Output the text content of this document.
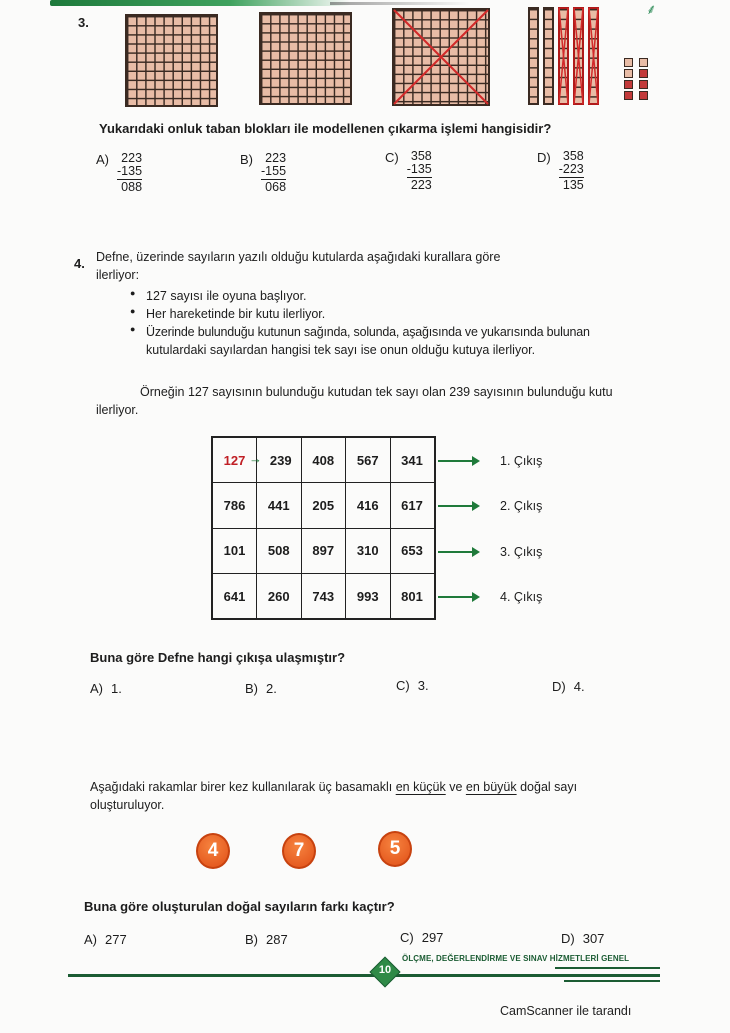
⸙
3.
Yukarıdaki onluk taban blokları ile modellenen çıkarma işlemi hangisidir?
A) 223
-135
088
B) 223
-155
068
C) 358
-135
223
D) 358
-223
135
4. Defne, üzerinde sayıların yazılı olduğu kutularda aşağıdaki kurallara göre
ilerliyor:
● 127 sayısı ile oyuna başlıyor.
● Her hareketinde bir kutu ilerliyor.
● Üzerinde bulunduğu kutunun sağında, solunda, aşağısında ve yukarısında bulunan
kutulardaki sayılardan hangisi tek sayı ise onun olduğu kutuya ilerliyor.
Örneğin 127 sayısının bulunduğu kutudan tek sayı olan 239 sayısının bulunduğu kutu
ilerliyor.
127	→ 239	408	567	341
786	441	205	416	617
101	508	897	310	653
641	260	743	993	801
1. Çıkış
2. Çıkış
3. Çıkış
4. Çıkış
Buna göre Defne hangi çıkışa ulaşmıştır?
A) 1.	B) 2.	C) 3.	D) 4.
Aşağıdaki rakamlar birer kez kullanılarak üç basamaklı en küçük ve en büyük doğal sayı
oluşturuluyor.
4	7	5
Buna göre oluşturulan doğal sayıların farkı kaçtır?
A) 277	B) 287	C) 297	D) 307
10
ÖLÇME, DEĞERLENDİRME VE SINAV HİZMETLERİ GENEL
CamScanner ile tarandı
